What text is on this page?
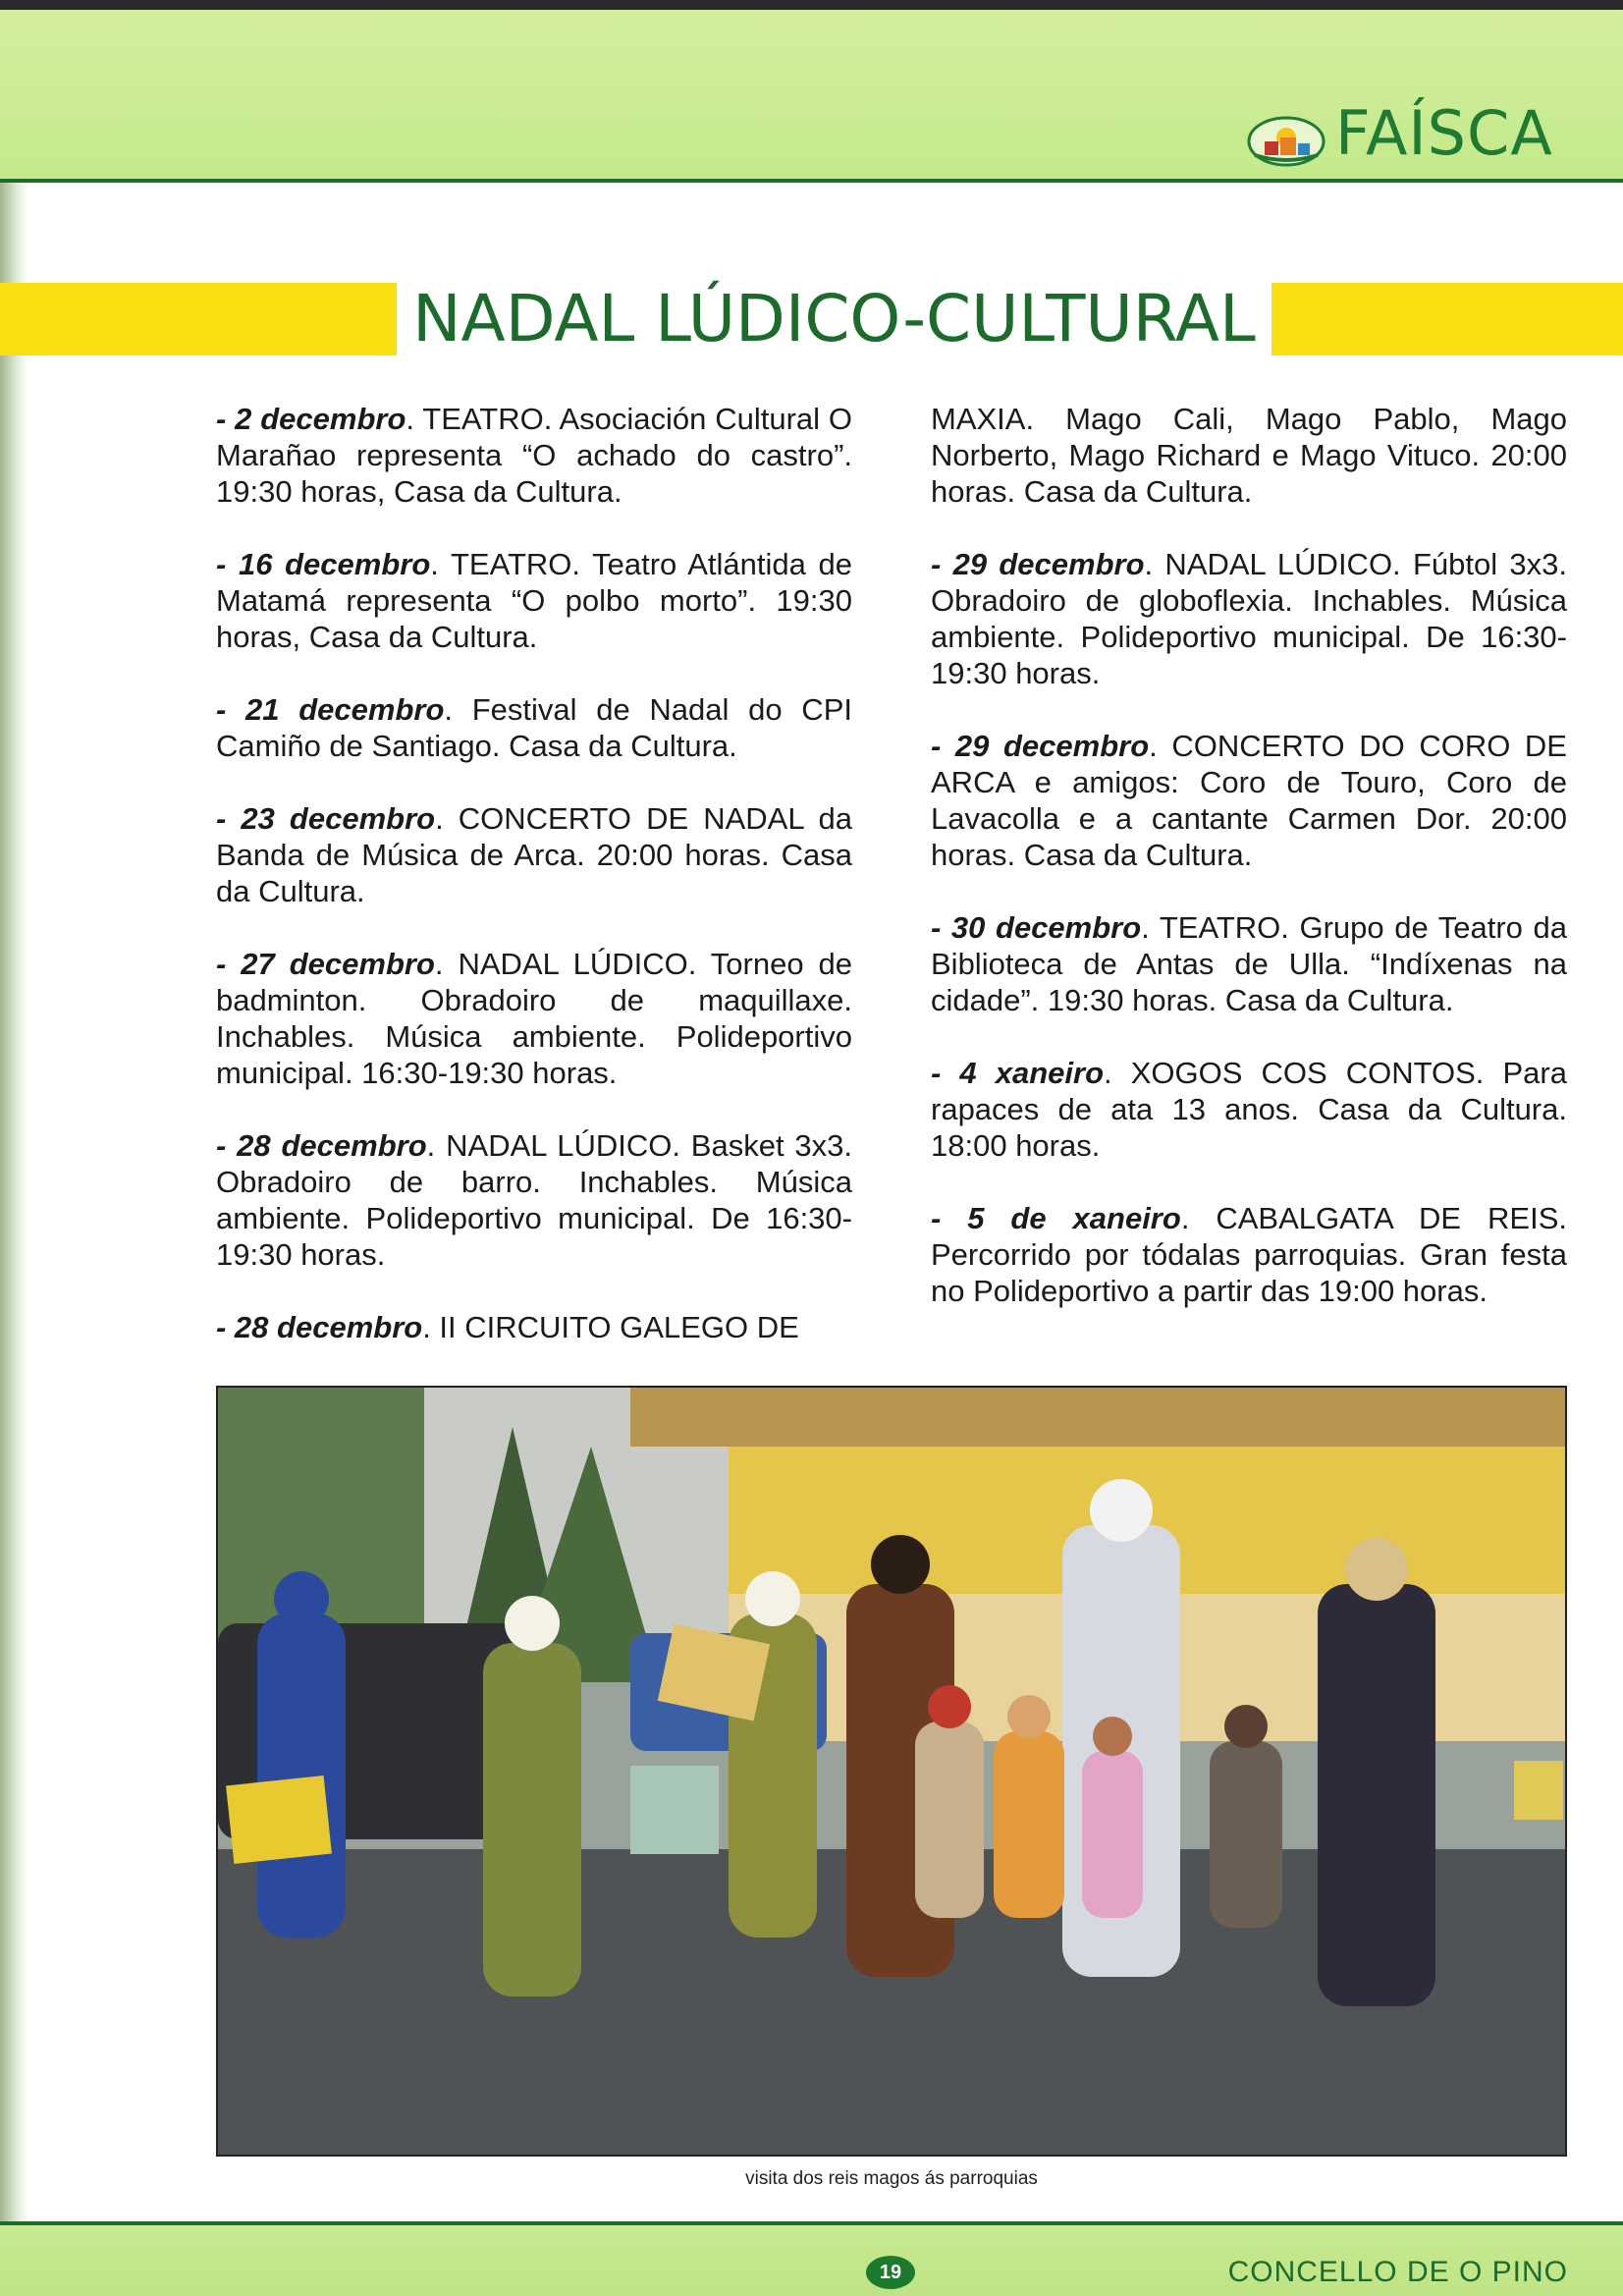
FAÍSCA
NADAL LÚDICO-CULTURAL

- 2 decembro. TEATRO. Asociación Cultural O Marañao representa “O achado do castro”. 19:30 horas, Casa da Cultura.

- 16 decembro. TEATRO. Teatro Atlántida de Matamá representa “O polbo morto”. 19:30 horas, Casa da Cultura.

- 21 decembro. Festival de Nadal do CPI Camiño de Santiago. Casa da Cultura.

- 23 decembro. CONCERTO DE NADAL da Banda de Música de Arca. 20:00 horas. Casa da Cultura.

- 27 decembro. NADAL LÚDICO. Torneo de badminton. Obradoiro de maquillaxe. Inchables. Música ambiente. Polideportivo municipal. 16:30-19:30 horas.

- 28 decembro. NADAL LÚDICO. Basket 3x3. Obradoiro de barro. Inchables. Música ambiente. Polideportivo municipal. De 16:30-19:30 horas.

- 28 decembro. II CIRCUITO GALEGO DE

MAXIA. Mago Cali, Mago Pablo, Mago Norberto, Mago Richard e Mago Vituco. 20:00 horas. Casa da Cultura.

- 29 decembro. NADAL LÚDICO. Fúbtol 3x3. Obradoiro de globoflexia. Inchables. Música ambiente. Polideportivo municipal. De 16:30-19:30 horas.

- 29 decembro. CONCERTO DO CORO DE ARCA e amigos: Coro de Touro, Coro de Lavacolla e a cantante Carmen Dor. 20:00 horas. Casa da Cultura.

- 30 decembro. TEATRO. Grupo de Teatro da Biblioteca de Antas de Ulla. “Indíxenas na cidade”. 19:30 horas. Casa da Cultura.

- 4 xaneiro. XOGOS COS CONTOS. Para rapaces de ata 13 anos. Casa da Cultura. 18:00 horas.

- 5 de xaneiro. CABALGATA DE REIS. Percorrido por tódalas parroquias. Gran festa no Polideportivo a partir das 19:00 horas.

visita dos reis magos ás parroquias
19	CONCELLO DE O PINO
